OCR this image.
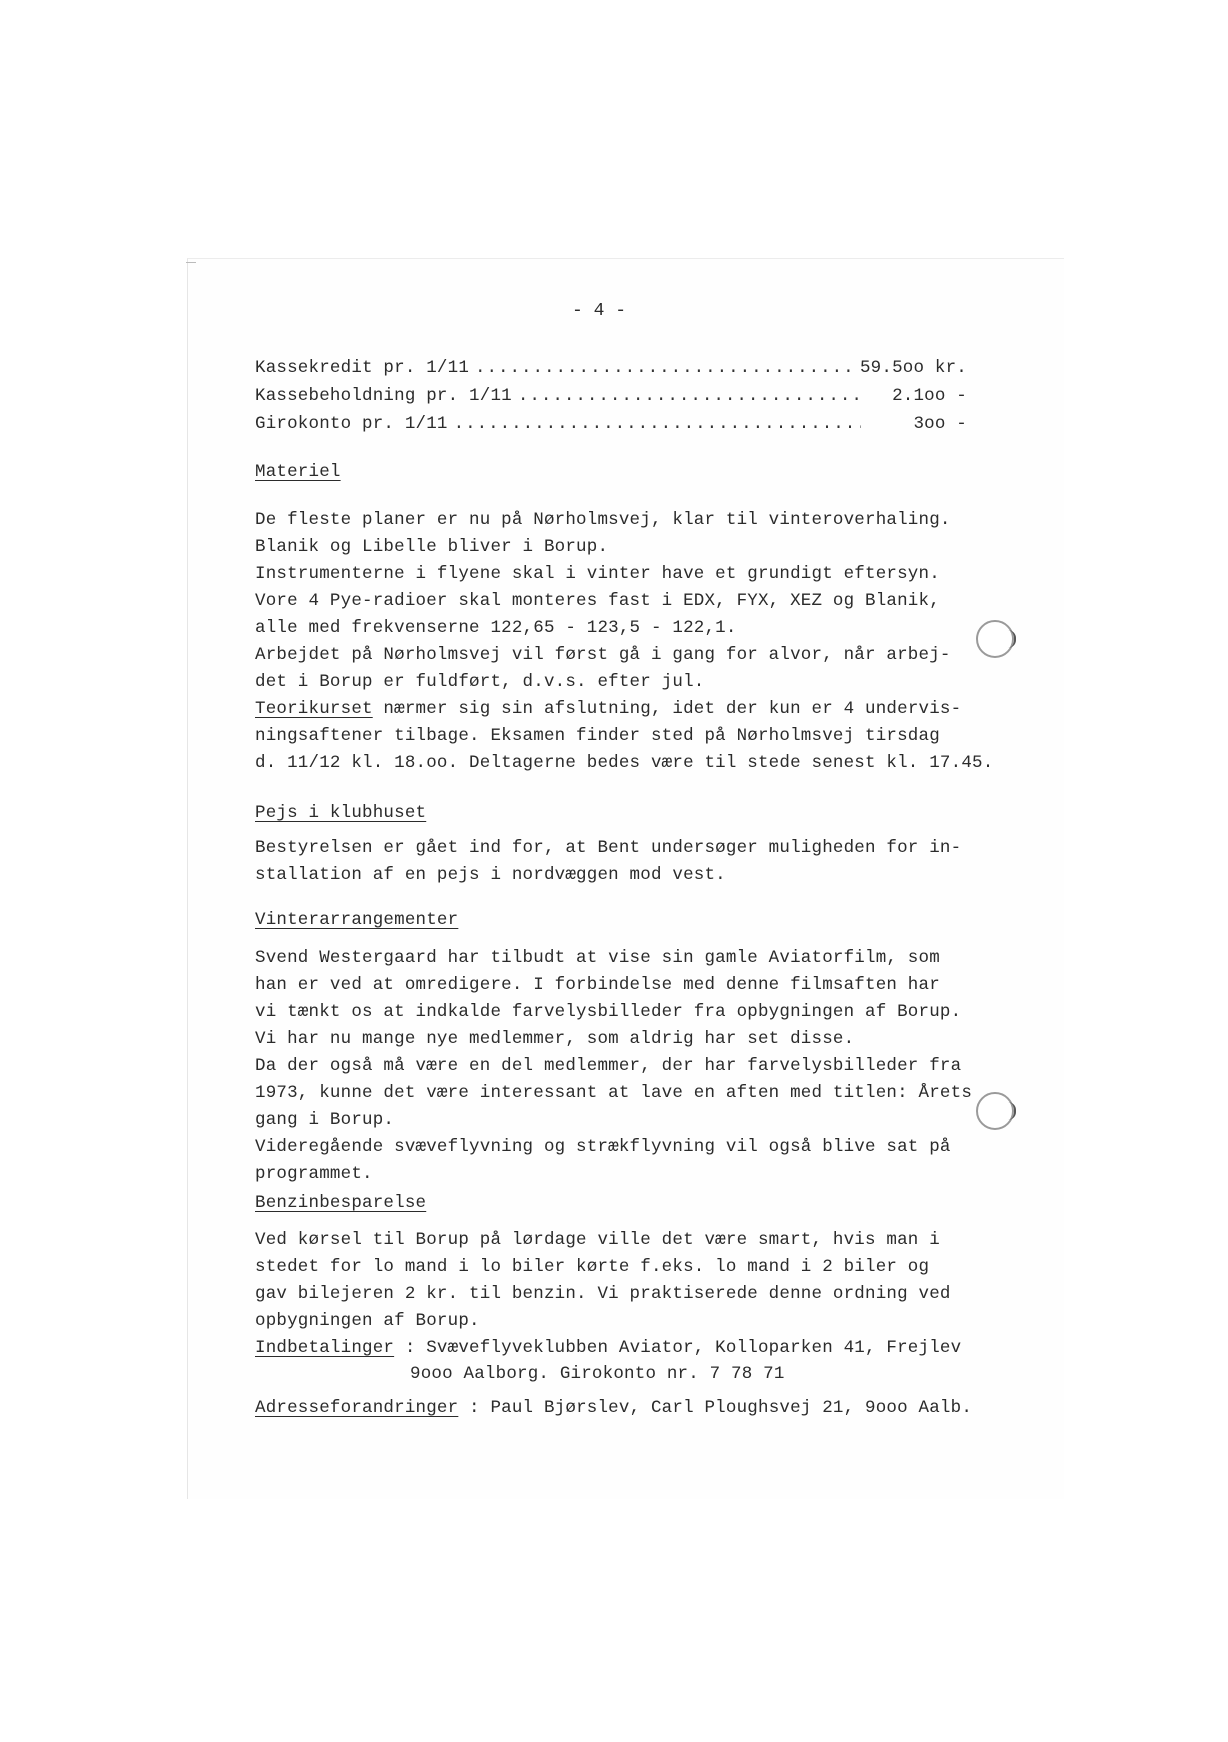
- 4 -
Kassekredit pr. 1/11 .....	59.5oo kr.
Kassebeholdning pr. 1/11 .....	2.1oo -
Girokonto pr. 1/11 .....	3oo -
Materiel
De fleste planer er nu på Nørholmsvej, klar til vinteroverhaling.
Blanik og Libelle bliver i Borup.
Instrumenterne i flyene skal i vinter have et grundigt eftersyn.
Vore 4 Pye-radioer skal monteres fast i EDX, FYX, XEZ og Blanik,
alle med frekvenserne 122,65 - 123,5 - 122,1.
Arbejdet på Nørholmsvej vil først gå i gang for alvor, når arbej-
det i Borup er fuldført, d.v.s. efter jul.
Teorikurset nærmer sig sin afslutning, idet der kun er 4 undervis-
ningsaftener tilbage. Eksamen finder sted på Nørholmsvej tirsdag
d. 11/12 kl. 18.oo. Deltagerne bedes være til stede senest kl. 17.45.
Pejs i klubhuset
Bestyrelsen er gået ind for, at Bent undersøger muligheden for in-
stallation af en pejs i nordvæggen mod vest.
Vinterarrangementer
Svend Westergaard har tilbudt at vise sin gamle Aviatorfilm, som
han er ved at omredigere. I forbindelse med denne filmsaften har
vi tænkt os at indkalde farvelysbilleder fra opbygningen af Borup.
Vi har nu mange nye medlemmer, som aldrig har set disse.
Da der også må være en del medlemmer, der har farvelysbilleder fra
1973, kunne det være interessant at lave en aften med titlen: Årets
gang i Borup.
Videregående svæveflyvning og strækflyvning vil også blive sat på
programmet.
Benzinbesparelse
Ved kørsel til Borup på lørdage ville det være smart, hvis man i
stedet for lo mand i lo biler kørte f.eks. lo mand i 2 biler og
gav bilejeren 2 kr. til benzin. Vi praktiserede denne ordning ved
opbygningen af Borup.
Indbetalinger : Svæveflyveklubben Aviator, Kolloparken 41, Frejlev
9ooo Aalborg. Girokonto nr. 7 78 71
Adresseforandringer : Paul Bjørslev, Carl Ploughsvej 21, 9ooo Aalb.
